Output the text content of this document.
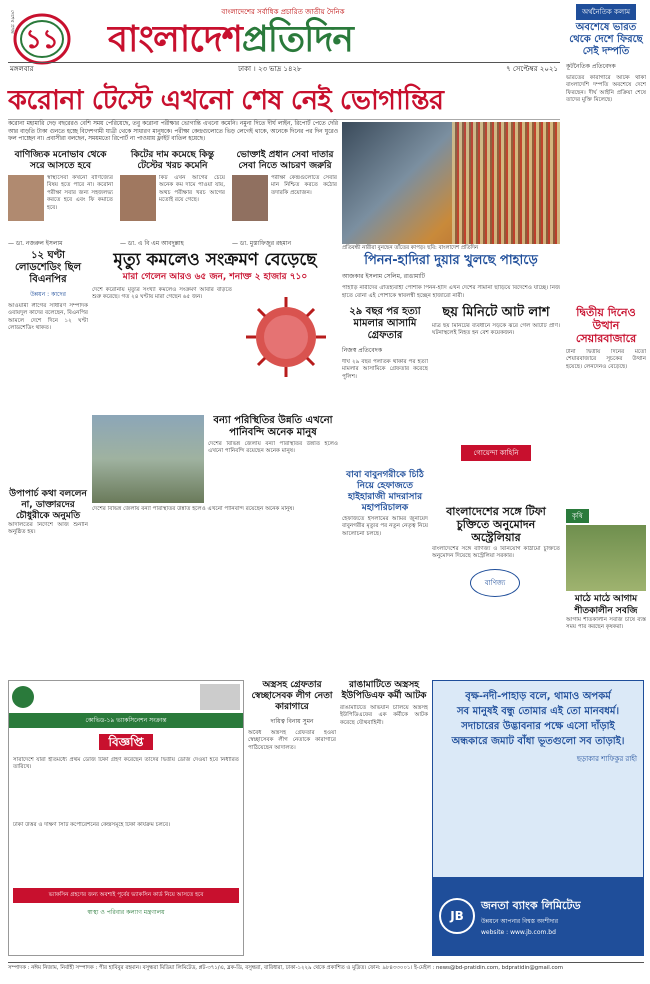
দেশের প্রথম
১১
বাংলাদেশের সর্বাধিক প্রচারিত জাতীয় দৈনিক
বাংলাদেশপ্রতিদিন
মঙ্গলবার	ঢাকা । ২৩ ভাদ্র ১৪২৮	৭ সেপ্টেম্বর ২০২১
অর্থনৈতিক কলাম
অবশেষে ভারত থেকে দেশে ফিরছে সেই দম্পতি
কূটনৈতিক প্রতিবেদক
ভারতের কারাগারে আটক থাকা বাংলাদেশি দম্পতি অবশেষে দেশে ফিরছেন। দীর্ঘ আইনি প্রক্রিয়া শেষে তাদের মুক্তি মিলেছে।
দ্বিতীয় দিনেও উত্থান সেয়ারবাজারে
টানা দ্বিতীয় দিনের মতো শেয়ারবাজারে সূচকের উত্থান হয়েছে। লেনদেনও বেড়েছে।
কৃষি
মাঠে মাঠে আগাম শীতকালীন সবজি
আগাম শীতকালীন সবজি চাষে ব্যস্ত সময় পার করছেন কৃষকরা।
করোনা টেস্টে এখনো শেষ নেই ভোগান্তির
করোনা মহামারি দেড় বছরেরও বেশি সময় পেরিয়েছে, তবু করোনা পরীক্ষার ভোগান্তি এখনো কমেনি। নমুনা দিতে দীর্ঘ লাইন, রিপোর্ট পেতে দেরি আর বাড়তি টাকা গুনতে হচ্ছে বিদেশগামী যাত্রী থেকে সাধারণ মানুষকে। পরীক্ষা কেন্দ্রগুলোতে ভিড় লেগেই থাকে, অনেকে দিনের পর দিন ঘুরেও ফল পাচ্ছেন না। প্রবাসীরা বলছেন, সময়মতো রিপোর্ট না পাওয়ায় ফ্লাইট বাতিল হয়েছে।
বাণিজ্যিক মনোভাব থেকে সরে আসতে হবে
স্বাস্থ্যসেবা কখনো বাণিজ্যের বিষয় হতে পারে না। করোনা পরীক্ষা সবার জন্য সহজলভ্য করতে হবে এবং ফি কমাতে হবে।
— ডা. নজরুল ইসলাম
কিটের দাম কমেছে কিন্তু টেস্টের খরচ কমেনি
কিট এখন আগের চেয়ে অনেক কম দামে পাওয়া যায়, অথচ পরীক্ষার খরচ আগের মতোই রয়ে গেছে।
— ডা. এ বি এম আবদুল্লাহ
ভোক্তাই প্রধান সেবা দাতার সেবা নিতে আচরণ জরুরি
পরীক্ষা কেন্দ্রগুলোতে সেবার মান নিশ্চিত করতে কঠোর তদারকি প্রয়োজন।
— ডা. মুস্তাফিজুর রহমান
প্রতিবন্ধী নারীরা বুনছেন তাঁতের কাপড়। ছবি: বাংলাদেশ প্রতিদিন
পিনন-হাদিরা দুয়ার খুলছে পাহাড়ে
আজকার ইসলাম সেলিম, রাঙামাটি
পাহাড়ি নারীদের ঐতিহ্যবাহী পোশাক পিনন-হাদি এখন দেশের সীমানা ছাড়িয়ে বিদেশেও যাচ্ছে। নিজ হাতে বোনা এই পোশাকে স্বাবলম্বী হচ্ছেন হাজারো নারী।
১২ ঘণ্টা লোডশেডিং ছিল বিএনপির
উন্নয়ন : কাদের
আওয়ামী লীগের সাধারণ সম্পাদক ওবায়দুল কাদের বলেছেন, বিএনপির আমলে দেশে দিনে ১২ ঘণ্টা লোডশেডিং থাকত।
উপাপার্চ কথা বললেন না, ডাক্তারদের চৌধুরীকে অনুমতি
আদালতের নির্দেশে আজ শুনানি অনুষ্ঠিত হয়।
মৃত্যু কমলেও সংক্রমণ বেড়েছে
মারা গেলেন আরও ৬৫ জন, শনাক্ত ২ হাজার ৭১০
দেশে করোনায় মৃত্যুর সংখ্যা কমলেও সংক্রমণ আবার বাড়তে শুরু করেছে। গত ২৪ ঘণ্টায় মারা গেছেন ৬৫ জন।
২৯ বছর পর হত্যা মামলার আসামি গ্রেফতার
নিজস্ব প্রতিবেদক
দীর্ঘ ২৯ বছর পলাতক থাকার পর হত্যা মামলার আসামিকে গ্রেফতার করেছে পুলিশ।
ছয় মিনিটে আট লাশ
মাত্র ছয় মিনিটের ব্যবধানে সড়কে ঝরে গেল আটটি প্রাণ। ঘটনাস্থলেই নিহত হন বেশ কয়েকজন।
গোয়েন্দা কাহিনি
বন্যা পরিস্থিতির উন্নতি এখনো পানিবন্দি অনেক মানুষ
দেশের বিভিন্ন জেলায় বন্যা পরিস্থিতির উন্নতি হলেও এখনো পানিবন্দি রয়েছেন অনেক মানুষ।
দেশের বিভিন্ন জেলায় বন্যা পরিস্থিতির উন্নতি হলেও এখনো পানিবন্দি রয়েছেন অনেক মানুষ।
বাবা বাবুনগরীকে চিঠি নিয়ে হেফাজতে হাইহারাজী মাদরাসার মহাপরিচালক
হেফাজতে ইসলামের আমির জুনায়েদ বাবুনগরীর মৃত্যুর পর নতুন নেতৃত্ব নিয়ে আলোচনা চলছে।
বাংলাদেশের সঙ্গে টিফা চুক্তিতে অনুমোদন অস্ট্রেলিয়ার
বাংলাদেশের সঙ্গে বাণিজ্য ও বিনিয়োগ কাঠামো চুক্তিতে অনুমোদন দিয়েছে অস্ট্রেলিয়া সরকার।
বাণিজ্য
কোভিড-১৯ ভ্যাকসিনেশন সংক্রান্ত
বিজ্ঞপ্তি
সারাদেশে যারা ইতিমধ্যে প্রথম ডোজ টিকা গ্রহণ করেছেন তাদের দ্বিতীয় ডোজ দেওয়া হবে নির্ধারিত তারিখে।
ঢাকা উত্তর ও দক্ষিণ সিটি কর্পোরেশনের কেন্দ্রসমূহে টিকা কার্যক্রম চলবে।
ভ্যাকসিন গ্রহণের জন্য অবশ্যই পূর্বের ভ্যাকসিন কার্ড নিয়ে আসতে হবে
স্বাস্থ্য ও পরিবার কল্যাণ মন্ত্রণালয়
অস্ত্রসহ গ্রেফতার স্বেচ্ছাসেবক লীগ নেতা কারাগারে
দায়িত্ব বিনায় সুমন
অবৈধ অস্ত্রসহ গ্রেফতার হওয়া স্বেচ্ছাসেবক লীগ নেতাকে কারাগারে পাঠিয়েছেন আদালত।
রাঙামাটিতে অস্ত্রসহ ইউপিডিএফ কর্মী আটক
রাঙামাটিতে অভিযান চালিয়ে অস্ত্রসহ ইউপিডিএফের এক কর্মীকে আটক করেছে যৌথবাহিনী।
বৃক্ষ-নদী-পাহাড় বলে, থামাও অপকর্ম
সব মানুষই বন্ধু তোমার এই তো মানবধর্ম।
সদাচারের উদ্ভাবনার পক্ষে এসো দাঁড়াই
অন্ধকারে জমাট বাঁধা ভূতগুলো সব তাড়াই।
ছড়াকার শাফিকুর রাহী
JB
জনতা ব্যাংক লিমিটেড
উন্নয়নে আপনার বিশ্বস্ত অংশীদার
website : www.jb.com.bd
সম্পাদক : নঈম নিজাম, নির্বাহী সম্পাদক : পীর হাবিবুর রহমান। বসুন্ধরা মিডিয়া লিমিটেড, প্লট-৩৭১/এ, ব্লক-ডি, বসুন্ধরা, বারিধারা, ঢাকা-১২২৯ থেকে প্রকাশিত ও মুদ্রিত। ফোন: ৯৮৪৩৩০০১। ই-মেইল : news@bd-pratidin.com, bdpratidin@gmail.com
